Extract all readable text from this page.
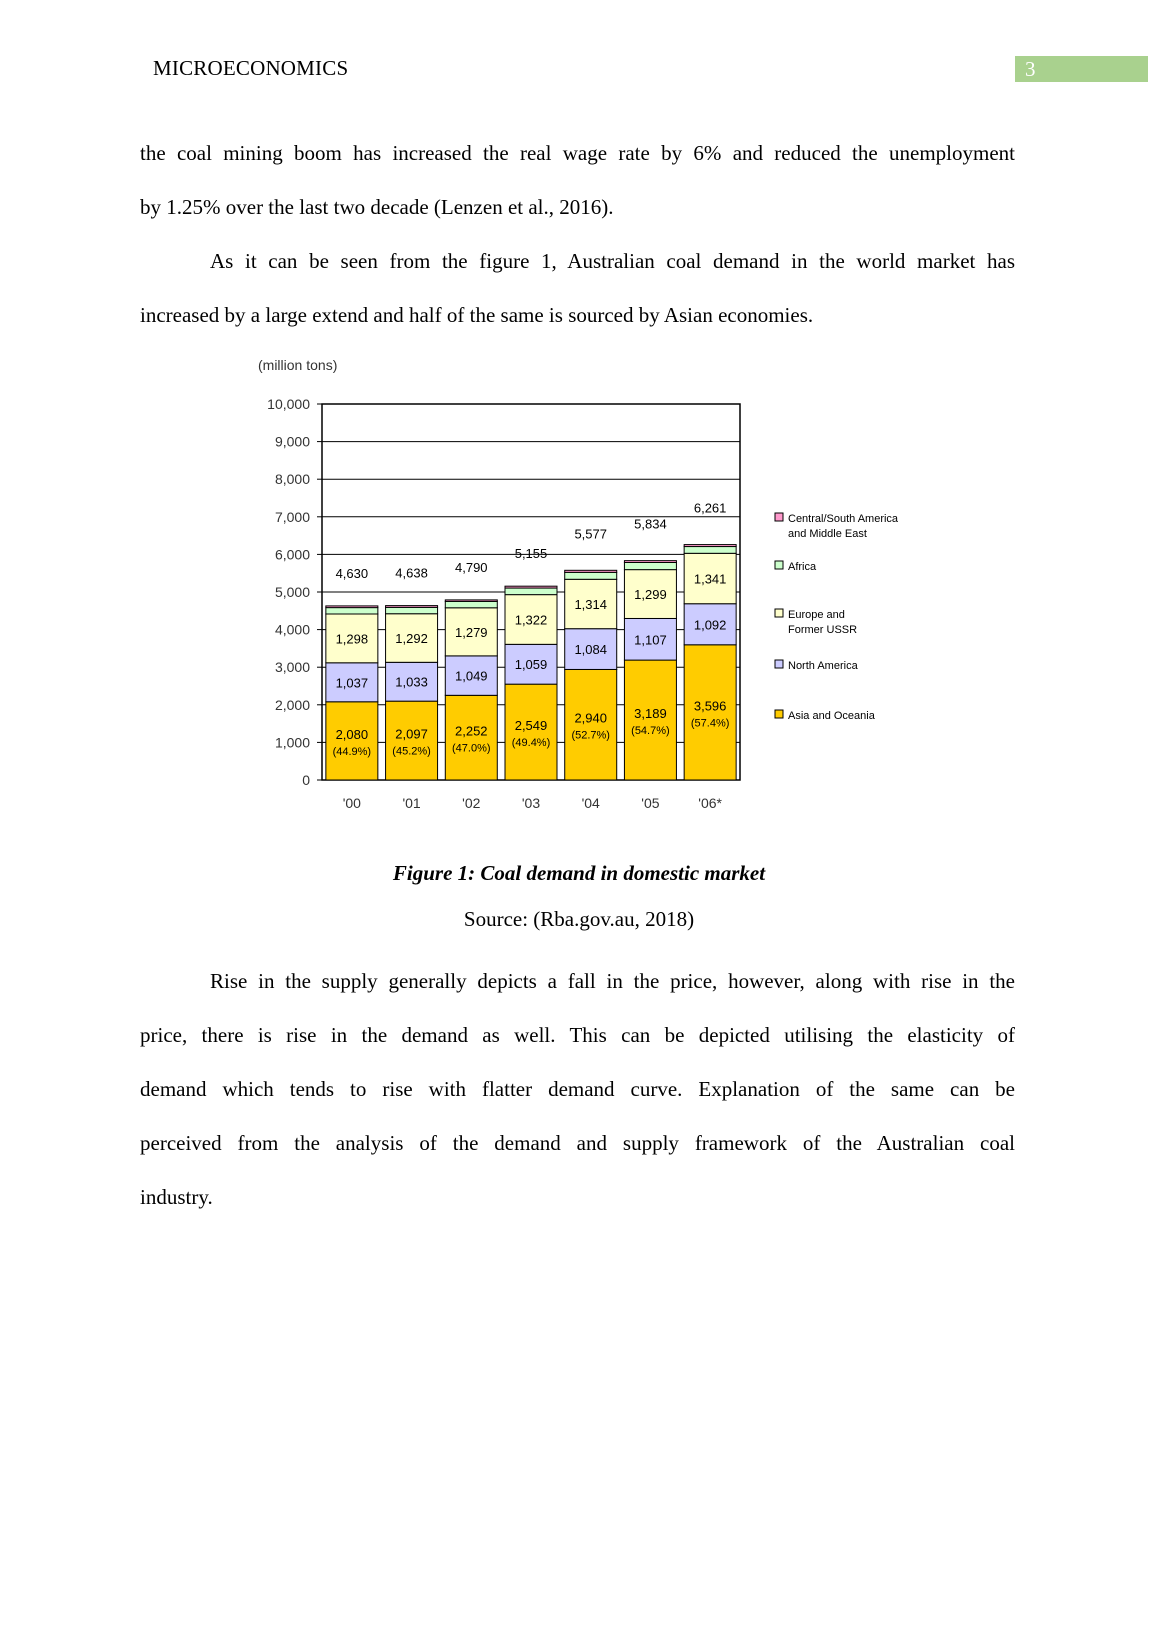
MICROECONOMICS	3
the coal mining boom has increased the real wage rate by 6% and reduced the unemployment
by 1.25% over the last two decade (Lenzen et al., 2016).
As it can be seen from the figure 1, Australian coal demand in the world market has
increased by a large extend and half of the same is sourced by Asian economies.
(million tons)
0
1,000
2,000
3,000
4,000
5,000
6,000
7,000
8,000
9,000
10,000
2,080
(44.9%)
1,037
1,298
4,630
'00
2,097
(45.2%)
1,033
1,292
4,638
'01
2,252
(47.0%)
1,049
1,279
4,790
'02
2,549
(49.4%)
1,059
1,322
5,155
'03
2,940
(52.7%)
1,084
1,314
5,577
'04
3,189
(54.7%)
1,107
1,299
5,834
'05
3,596
(57.4%)
1,092
1,341
6,261
'06*
Central/South America
and Middle East
Africa
Europe and
Former USSR
North America
Asia and Oceania
Figure 1: Coal demand in domestic market
Source: (Rba.gov.au, 2018)
Rise in the supply generally depicts a fall in the price, however, along with rise in the
price, there is rise in the demand as well. This can be depicted utilising the elasticity of
demand which tends to rise with flatter demand curve. Explanation of the same can be
perceived from the analysis of the demand and supply framework of the Australian coal
industry.
